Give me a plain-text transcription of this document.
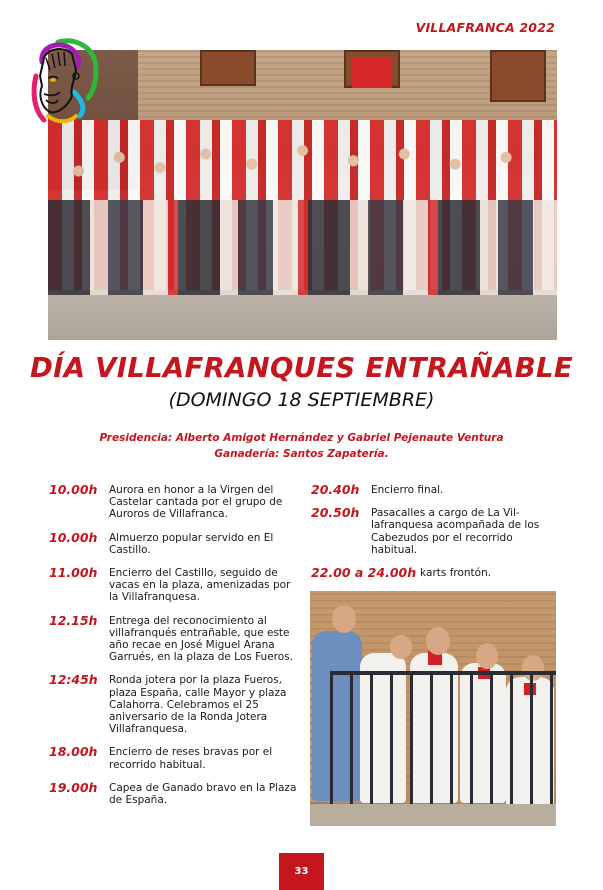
VILLAFRANCA 2022
DÍA VILLAFRANQUES ENTRAÑABLE
(DOMINGO 18 SEPTIEMBRE)
Presidencia: Alberto Amigot Hernández y Gabriel Pejenaute Ventura
Ganadería: Santos Zapatería.
10.00h	Aurora en honor a la Virgen del Castelar cantada por el grupo de Auroros de Villafranca.
10.00h	Almuerzo popular servido en El Castillo.
11.00h	Encierro del Castillo, seguido de vacas en la plaza, amenizadas por la Villafranquesa.
12.15h	Entrega del reconocimiento al villafranqués entrañable, que este año recae en José Miguel Arana Garrués, en la plaza de Los Fueros.
12:45h	Ronda jotera por la plaza Fueros, plaza España, calle Mayor y plaza Calahorra. Celebramos el 25 aniversario de la Ronda Jotera Villafranquesa.
18.00h	Encierro de reses bravas por el recorrido habitual.
19.00h	Capea de Ganado bravo en la Plaza de España.
20.40h	Encierro final.
20.50h	Pasacalles a cargo de La Vil-lafranquesa acompañada de los Cabezudos por el recorrido habitual.
22.00 a 24.00h karts frontón.
33
